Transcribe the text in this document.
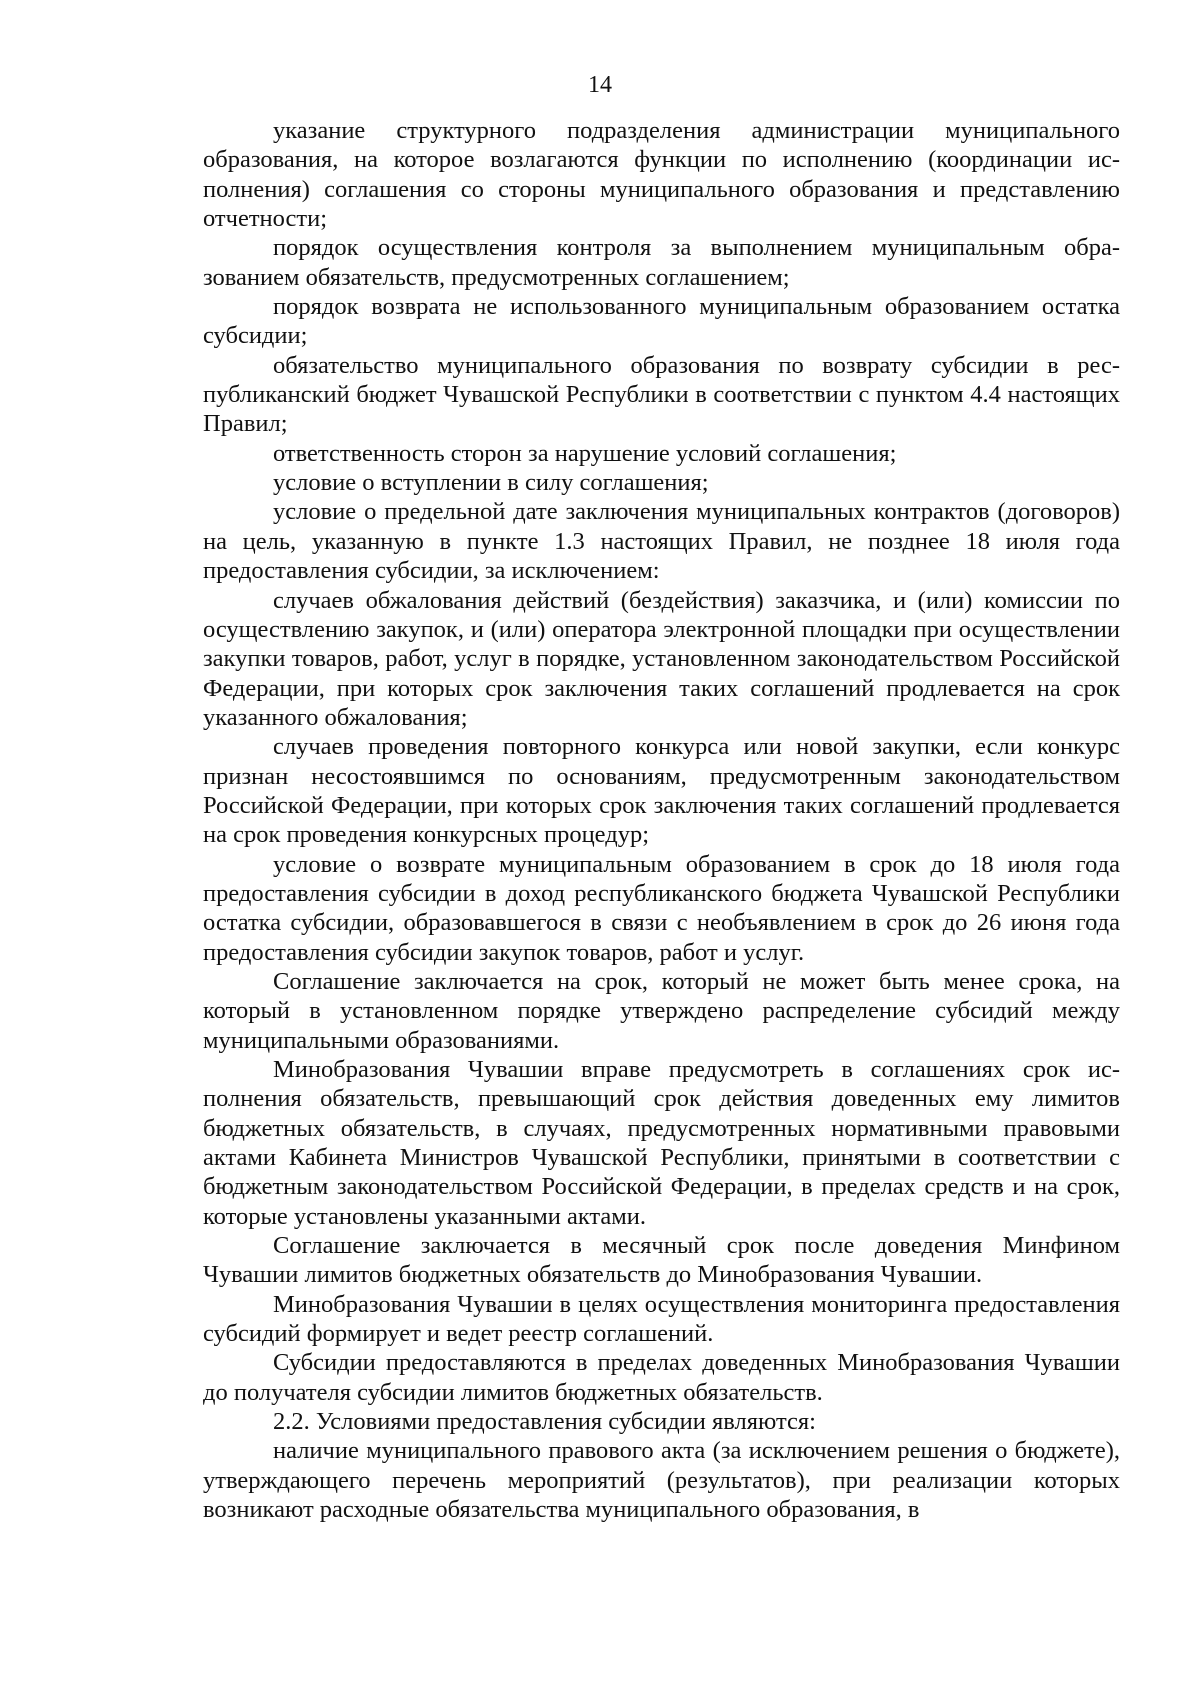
14

указание структурного подразделения администрации муниципального образования, на которое возлагаются функции по исполнению (координации исполнения) соглашения со стороны муниципального образования и представлению отчетности;

порядок осуществления контроля за выполнением муниципальным образованием обязательств, предусмотренных соглашением;

порядок возврата не использованного муниципальным образованием остатка субсидии;

обязательство муниципального образования по возврату субсидии в республиканский бюджет Чувашской Республики в соответствии с пунктом 4.4 настоящих Правил;

ответственность сторон за нарушение условий соглашения;

условие о вступлении в силу соглашения;

условие о предельной дате заключения муниципальных контрактов (договоров) на цель, указанную в пункте 1.3 настоящих Правил, не позднее 18 июля года предоставления субсидии, за исключением:

случаев обжалования действий (бездействия) заказчика, и (или) комиссии по осуществлению закупок, и (или) оператора электронной площадки при осуществлении закупки товаров, работ, услуг в порядке, установленном законодательством Российской Федерации, при которых срок заключения таких соглашений продлевается на срок указанного обжалования;

случаев проведения повторного конкурса или новой закупки, если конкурс признан несостоявшимся по основаниям, предусмотренным законодательством Российской Федерации, при которых срок заключения таких соглашений продлевается на срок проведения конкурсных процедур;

условие о возврате муниципальным образованием в срок до 18 июля года предоставления субсидии в доход республиканского бюджета Чувашской Республики остатка субсидии, образовавшегося в связи с необъявлением в срок до 26 июня года предоставления субсидии закупок товаров, работ и услуг.

Соглашение заключается на срок, который не может быть менее срока, на который в установленном порядке утверждено распределение субсидий между муниципальными образованиями.

Минобразования Чувашии вправе предусмотреть в соглашениях срок исполнения обязательств, превышающий срок действия доведенных ему лимитов бюджетных обязательств, в случаях, предусмотренных нормативными правовыми актами Кабинета Министров Чувашской Республики, принятыми в соответствии с бюджетным законодательством Российской Федерации, в пределах средств и на срок, которые установлены указанными актами.

Соглашение заключается в месячный срок после доведения Минфином Чувашии лимитов бюджетных обязательств до Минобразования Чувашии.

Минобразования Чувашии в целях осуществления мониторинга предоставления субсидий формирует и ведет реестр соглашений.

Субсидии предоставляются в пределах доведенных Минобразования Чувашии до получателя субсидии лимитов бюджетных обязательств.

2.2. Условиями предоставления субсидии являются:

наличие муниципального правового акта (за исключением решения о бюджете), утверждающего перечень мероприятий (результатов), при реализации которых возникают расходные обязательства муниципального образования, в
